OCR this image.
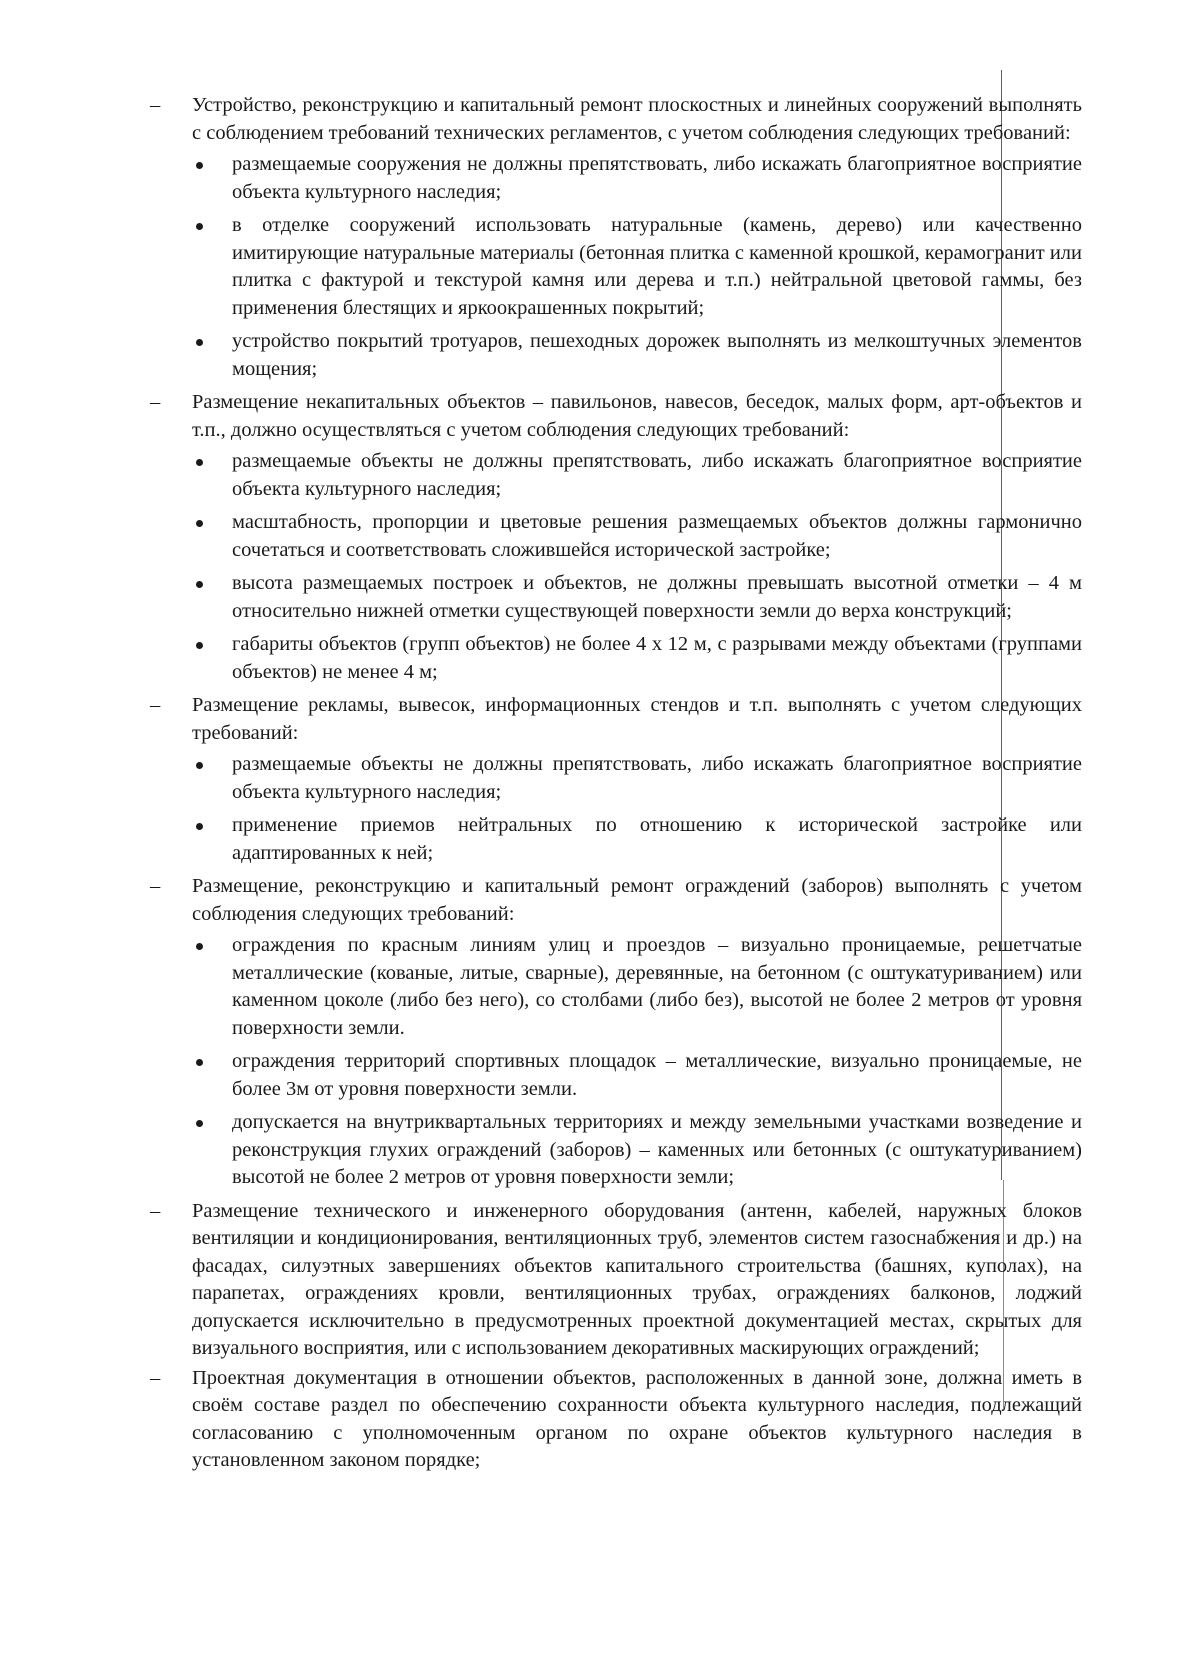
–	Устройство, реконструкцию и капитальный ремонт плоскостных и линейных сооружений выполнять с соблюдением требований технических регламентов, с учетом соблюдения следующих требований:
размещаемые сооружения не должны препятствовать, либо искажать благоприятное восприятие объекта культурного наследия;
в отделке сооружений использовать натуральные (камень, дерево) или качественно имитирующие натуральные материалы (бетонная плитка с каменной крошкой, керамогранит или плитка с фактурой и текстурой камня или дерева и т.п.) нейтральной цветовой гаммы, без применения блестящих и яркоокрашенных покрытий;
устройство покрытий тротуаров, пешеходных дорожек выполнять из мелкоштучных элементов мощения;
–	Размещение некапитальных объектов – павильонов, навесов, беседок, малых форм, арт-объектов и т.п., должно осуществляться с учетом соблюдения следующих требований:
размещаемые объекты не должны препятствовать, либо искажать благоприятное восприятие объекта культурного наследия;
масштабность, пропорции и цветовые решения размещаемых объектов должны гармонично сочетаться и соответствовать сложившейся исторической застройке;
высота размещаемых построек и объектов, не должны превышать высотной отметки – 4 м относительно нижней отметки существующей поверхности земли до верха конструкций;
габариты объектов (групп объектов) не более 4 х 12 м, с разрывами между объектами (группами объектов) не менее 4 м;
–	Размещение рекламы, вывесок, информационных стендов и т.п. выполнять с учетом следующих требований:
размещаемые объекты не должны препятствовать, либо искажать благоприятное восприятие объекта культурного наследия;
применение приемов нейтральных по отношению к исторической застройке или адаптированных к ней;
–	Размещение, реконструкцию и капитальный ремонт ограждений (заборов) выполнять с учетом соблюдения следующих требований:
ограждения по красным линиям улиц и проездов – визуально проницаемые, решетчатые металлические (кованые, литые, сварные), деревянные, на бетонном (с оштукатуриванием) или каменном цоколе (либо без него), со столбами (либо без), высотой не более 2 метров от уровня поверхности земли.
ограждения территорий спортивных площадок – металлические, визуально проницаемые, не более 3м от уровня поверхности земли.
допускается на внутриквартальных территориях и между земельными участками возведение и реконструкция глухих ограждений (заборов) – каменных или бетонных (с оштукатуриванием) высотой не более 2 метров от уровня поверхности земли;
–	Размещение технического и инженерного оборудования (антенн, кабелей, наружных блоков вентиляции и кондиционирования, вентиляционных труб, элементов систем газоснабжения и др.) на фасадах, силуэтных завершениях объектов капитального строительства (башнях, куполах), на парапетах, ограждениях кровли, вентиляционных трубах, ограждениях балконов, лоджий допускается исключительно в предусмотренных проектной документацией местах, скрытых для визуального восприятия, или с использованием декоративных маскирующих ограждений;
–	Проектная документация в отношении объектов, расположенных в данной зоне, должна иметь в своём составе раздел по обеспечению сохранности объекта культурного наследия, подлежащий согласованию с уполномоченным органом по охране объектов культурного наследия в установленном законом порядке;
